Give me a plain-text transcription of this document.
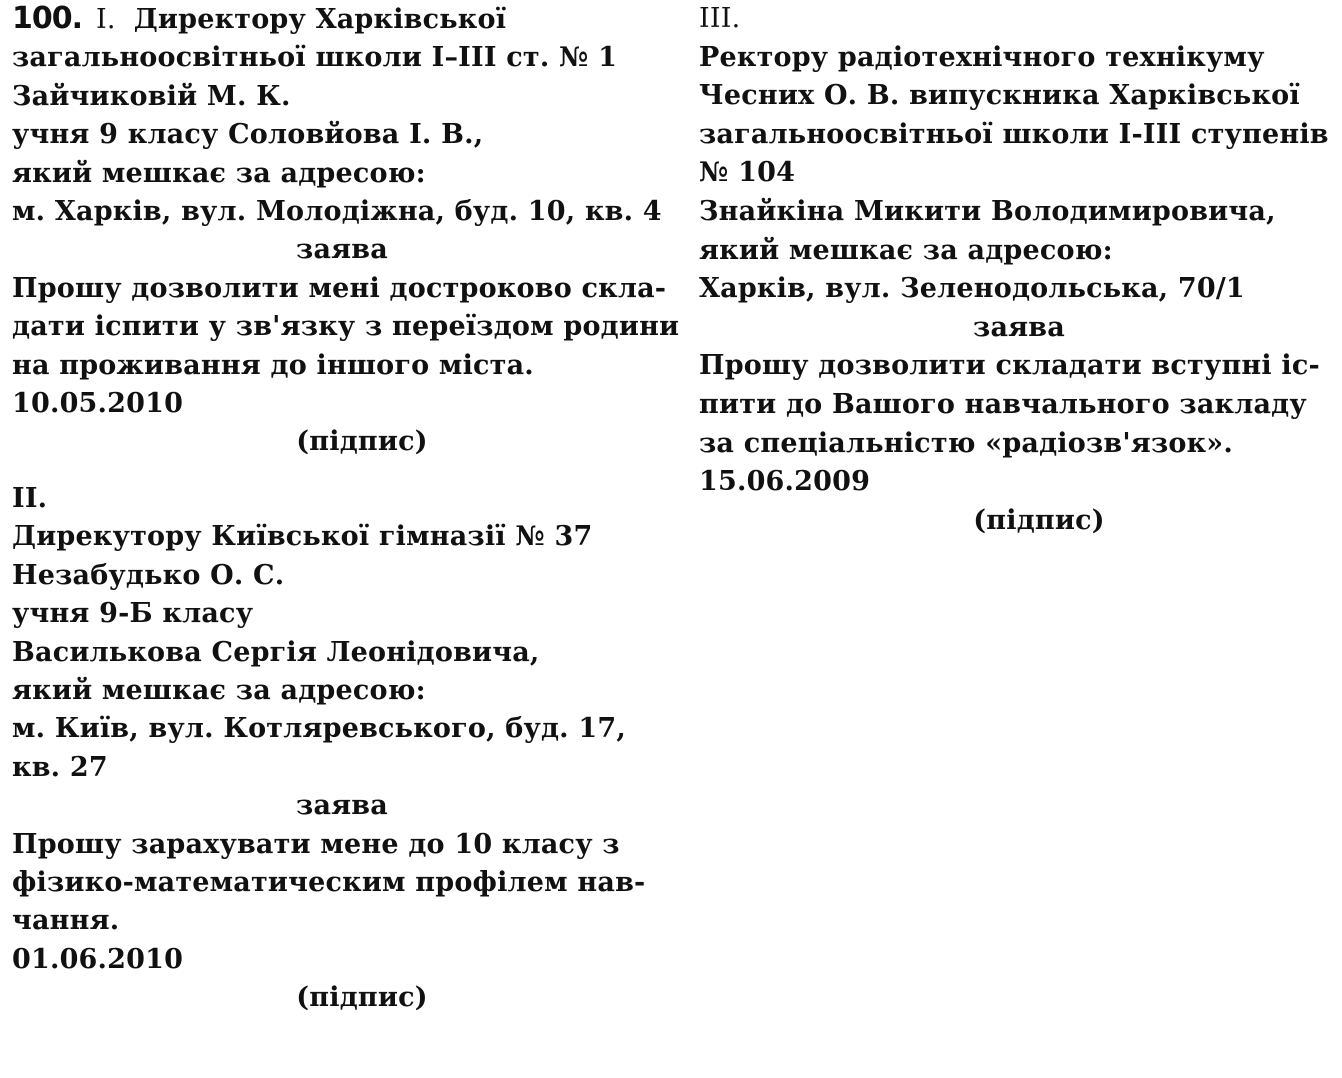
100. I. Директору Харківської
загальноосвітньої школи І–ІІІ ст. № 1
Зайчиковій М. К.
учня 9 класу Соловйова І. В.,
який мешкає за адресою:
м. Харків, вул. Молодіжна, буд. 10, кв. 4
заява
Прошу дозволити мені достроково скла-
дати іспити у зв'язку з переїздом родини
на проживання до іншого міста.
10.05.2010
(підпис)
II.
Дирекутору Київської гімназії № 37
Незабудько О. С.
учня 9-Б класу
Василькова Сергія Леонідовича,
який мешкає за адресою:
м. Київ, вул. Котляревського, буд. 17,
кв. 27
заява
Прошу зарахувати мене до 10 класу з
фізико-математическим профілем нав-
чання.
01.06.2010
(підпис)
III.
Ректору радіотехнічного технікуму
Чесних О. В. випускника Харківської
загальноосвітньої школи І-ІІІ ступенів
№ 104
Знайкіна Микити Володимировича,
який мешкає за адресою:
Харків, вул. Зеленодольська, 70/1
заява
Прошу дозволити складати вступні іс-
пити до Вашого навчального закладу
за спеціальністю «радіозв'язок».
15.06.2009
(підпис)
